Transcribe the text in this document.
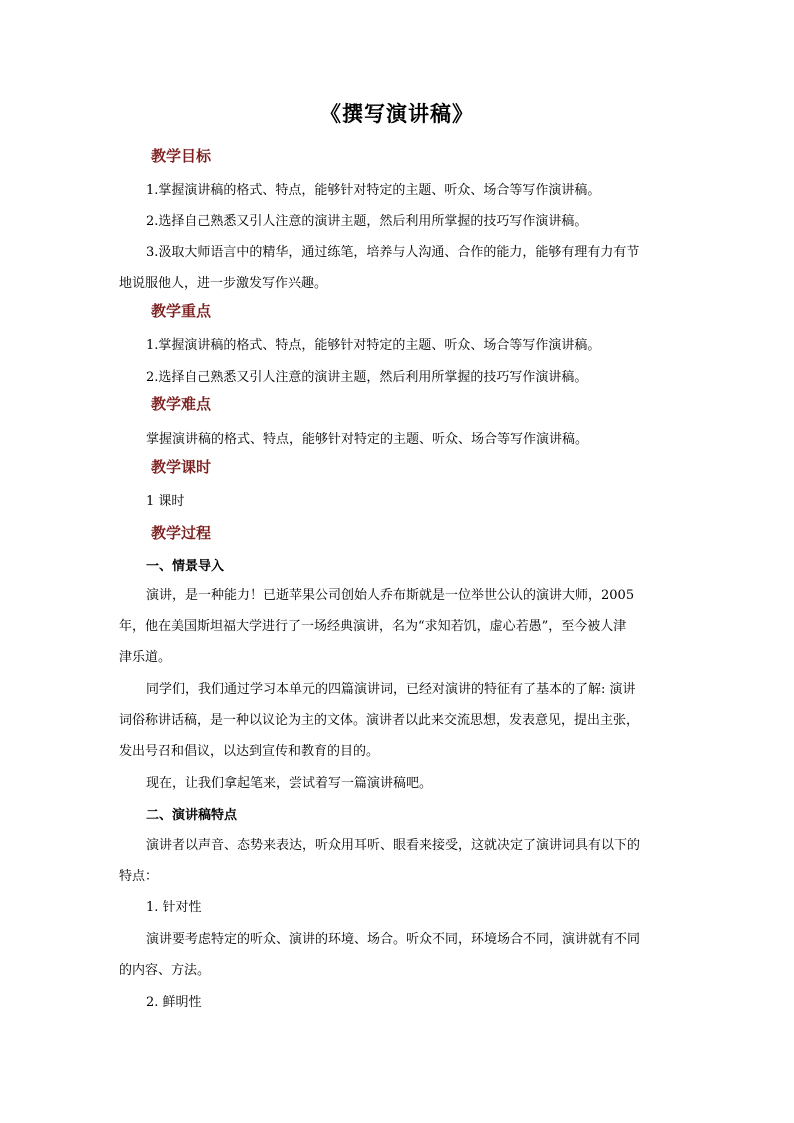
《撰写演讲稿》
教学目标
1.掌握演讲稿的格式、特点，能够针对特定的主题、听众、场合等写作演讲稿。
2.选择自己熟悉又引人注意的演讲主题，然后利用所掌握的技巧写作演讲稿。
3.汲取大师语言中的精华，通过练笔，培养与人沟通、合作的能力，能够有理有力有节
地说服他人，进一步激发写作兴趣。
教学重点
1.掌握演讲稿的格式、特点，能够针对特定的主题、听众、场合等写作演讲稿。
2.选择自己熟悉又引人注意的演讲主题，然后利用所掌握的技巧写作演讲稿。
教学难点
掌握演讲稿的格式、特点，能够针对特定的主题、听众、场合等写作演讲稿。
教学课时
1 课时
教学过程
一、情景导入
演讲，是一种能力！已逝苹果公司创始人乔布斯就是一位举世公认的演讲大师，2005
年，他在美国斯坦福大学进行了一场经典演讲，名为“求知若饥，虚心若愚”，至今被人津
津乐道。
同学们，我们通过学习本单元的四篇演讲词，已经对演讲的特征有了基本的了解: 演讲
词俗称讲话稿，是一种以议论为主的文体。演讲者以此来交流思想，发表意见，提出主张，
发出号召和倡议，以达到宣传和教育的目的。
现在，让我们拿起笔来，尝试着写一篇演讲稿吧。
二、演讲稿特点
演讲者以声音、态势来表达，听众用耳听、眼看来接受，这就决定了演讲词具有以下的
特点：
1. 针对性
演讲要考虑特定的听众、演讲的环境、场合。听众不同，环境场合不同，演讲就有不同
的内容、方法。
2. 鲜明性
